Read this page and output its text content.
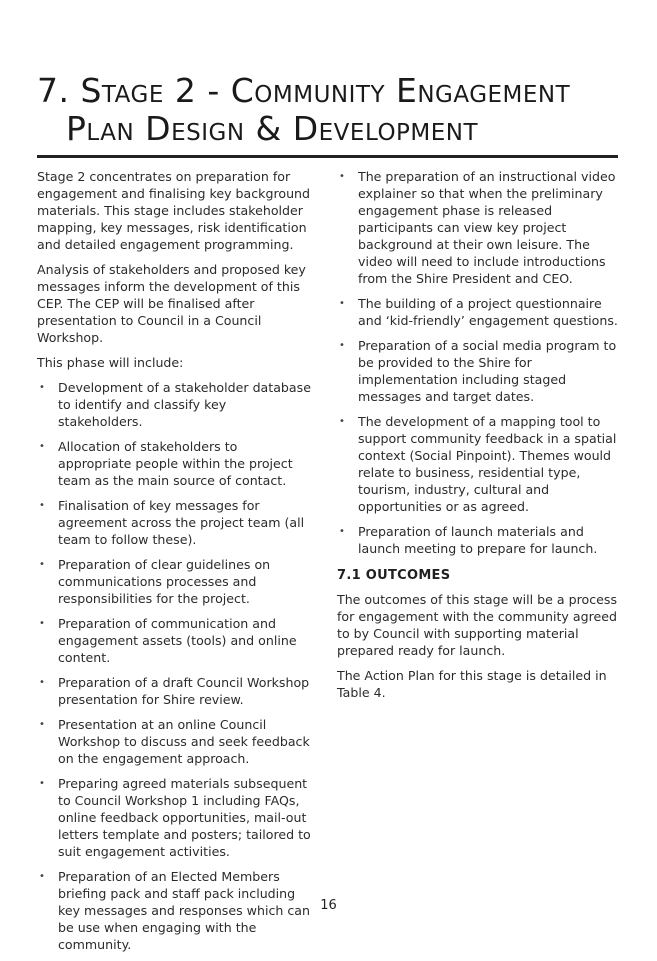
7. Stage 2 - Community Engagement
Plan Design & Development

Stage 2 concentrates on preparation for engagement and finalising key background materials. This stage includes stakeholder mapping, key messages, risk identification and detailed engagement programming.

Analysis of stakeholders and proposed key messages inform the development of this CEP. The CEP will be finalised after presentation to Council in a Council Workshop.

This phase will include:

• Development of a stakeholder database to identify and classify key stakeholders.
• Allocation of stakeholders to appropriate people within the project team as the main source of contact.
• Finalisation of key messages for agreement across the project team (all team to follow these).
• Preparation of clear guidelines on communications processes and responsibilities for the project.
• Preparation of communication and engagement assets (tools) and online content.
• Preparation of a draft Council Workshop presentation for Shire review.
• Presentation at an online Council Workshop to discuss and seek feedback on the engagement approach.
• Preparing agreed materials subsequent to Council Workshop 1 including FAQs, online feedback opportunities, mail-out letters template and posters; tailored to suit engagement activities.
• Preparation of an Elected Members briefing pack and staff pack including key messages and responses which can be use when engaging with the community.
• The preparation of an instructional video explainer so that when the preliminary engagement phase is released participants can view key project background at their own leisure. The video will need to include introductions from the Shire President and CEO.
• The building of a project questionnaire and ‘kid-friendly’ engagement questions.
• Preparation of a social media program to be provided to the Shire for implementation including staged messages and target dates.
• The development of a mapping tool to support community feedback in a spatial context (Social Pinpoint). Themes would relate to business, residential type, tourism, industry, cultural and opportunities or as agreed.
• Preparation of launch materials and launch meeting to prepare for launch.
7.1 OUTCOMES

The outcomes of this stage will be a process for engagement with the community agreed to by Council with supporting material prepared ready for launch.

The Action Plan for this stage is detailed in Table 4.

16
